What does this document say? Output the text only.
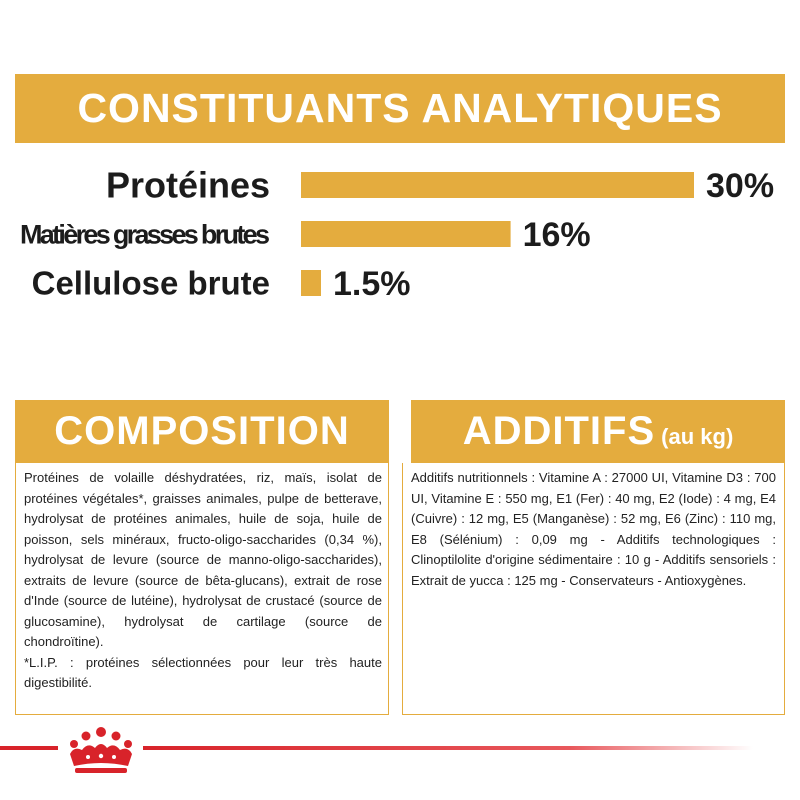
CONSTITUANTS ANALYTIQUES
Protéines	30%
Matières grasses brutes	16%
Cellulose brute 1.5%
COMPOSITION
Protéines de volaille déshydratées, riz, maïs, isolat de protéines végétales*, graisses animales, pulpe de betterave, hydrolysat de protéines animales, huile de soja, huile de poisson, sels minéraux, fructo-oligo-saccharides (0,34 %), hydrolysat de levure (source de manno-oligo-saccharides), extraits de levure (source de bêta-glucans), extrait de rose d'Inde (source de lutéine), hydrolysat de crustacé (source de glucosamine), hydrolysat de cartilage (source de chondroïtine).
*L.I.P. : protéines sélectionnées pour leur très haute digestibilité.
ADDITIFS (au kg)
Additifs nutritionnels : Vitamine A : 27000 UI, Vitamine D3 : 700 UI, Vitamine E : 550 mg, E1 (Fer) : 40 mg, E2 (Iode) : 4 mg, E4 (Cuivre) : 12 mg, E5 (Manganèse) : 52 mg, E6 (Zinc) : 110 mg, E8 (Sélénium) : 0,09 mg - Additifs technologiques : Clinoptilolite d'origine sédimentaire : 10 g - Additifs sensoriels : Extrait de yucca : 125 mg - Conservateurs - Antioxygènes.
